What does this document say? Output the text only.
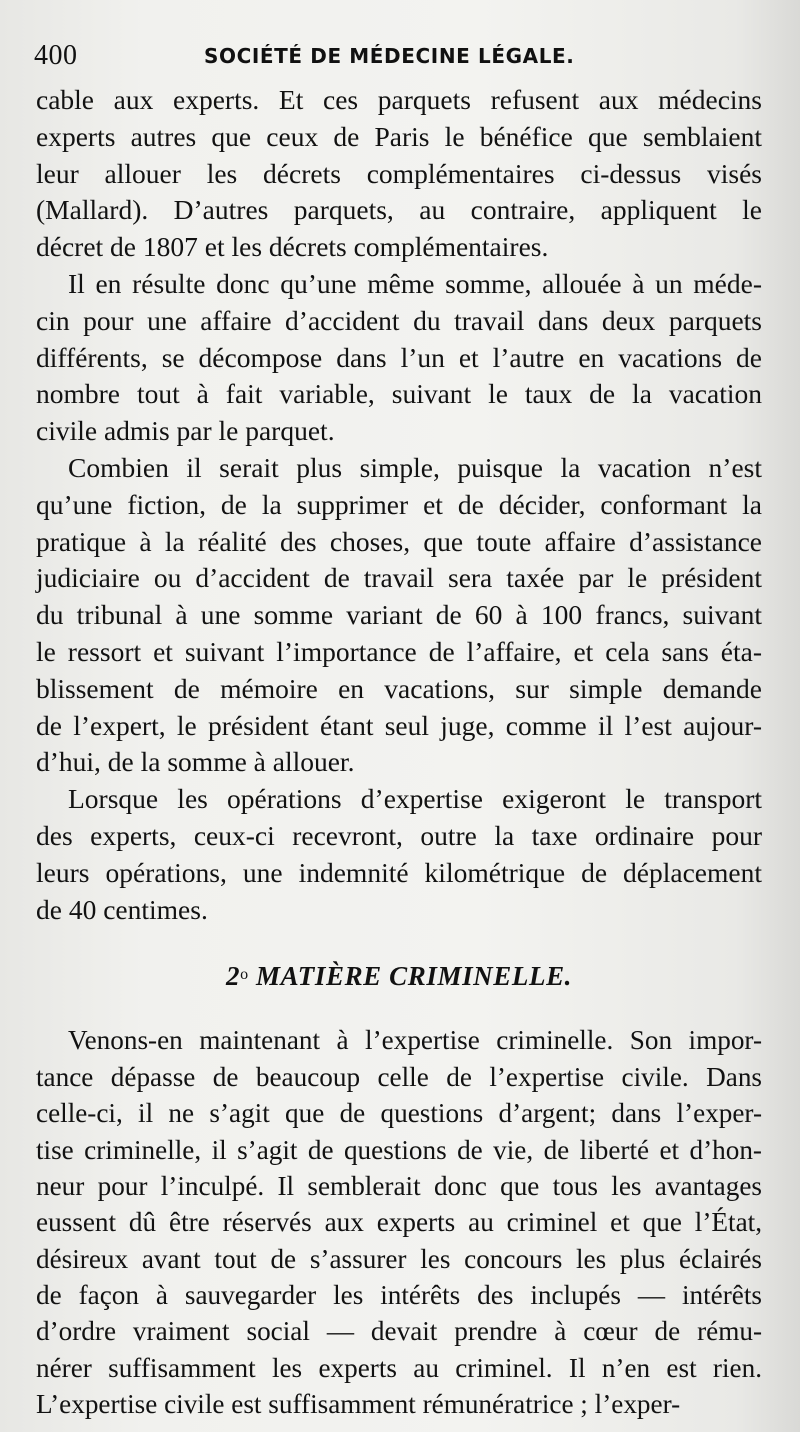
400	SOCIÉTÉ DE MÉDECINE LÉGALE.
cable aux experts. Et ces parquets refusent aux médecins
experts autres que ceux de Paris le bénéfice que semblaient
leur allouer les décrets complémentaires ci-dessus visés
(Mallard). D’autres parquets, au contraire, appliquent le
décret de 1807 et les décrets complémentaires.
Il en résulte donc qu’une même somme, allouée à un méde-
cin pour une affaire d’accident du travail dans deux parquets
différents, se décompose dans l’un et l’autre en vacations de
nombre tout à fait variable, suivant le taux de la vacation
civile admis par le parquet.
Combien il serait plus simple, puisque la vacation n’est
qu’une fiction, de la supprimer et de décider, conformant la
pratique à la réalité des choses, que toute affaire d’assistance
judiciaire ou d’accident de travail sera taxée par le président
du tribunal à une somme variant de 60 à 100 francs, suivant
le ressort et suivant l’importance de l’affaire, et cela sans éta-
blissement de mémoire en vacations, sur simple demande
de l’expert, le président étant seul juge, comme il l’est aujour-
d’hui, de la somme à allouer.
Lorsque les opérations d’expertise exigeront le transport
des experts, ceux-ci recevront, outre la taxe ordinaire pour
leurs opérations, une indemnité kilométrique de déplacement
de 40 centimes.
2$^o$ MATIÈRE CRIMINELLE.
Venons-en maintenant à l’expertise criminelle. Son impor-
tance dépasse de beaucoup celle de l’expertise civile. Dans
celle-ci, il ne s’agit que de questions d’argent; dans l’exper-
tise criminelle, il s’agit de questions de vie, de liberté et d’hon-
neur pour l’inculpé. Il semblerait donc que tous les avantages
eussent dû être réservés aux experts au criminel et que l’État,
désireux avant tout de s’assurer les concours les plus éclairés
de façon à sauvegarder les intérêts des inclupés — intérêts
d’ordre vraiment social — devait prendre à cœur de rému-
nérer suffisamment les experts au criminel. Il n’en est rien.
L’expertise civile est suffisamment rémunératrice ; l’exper-
